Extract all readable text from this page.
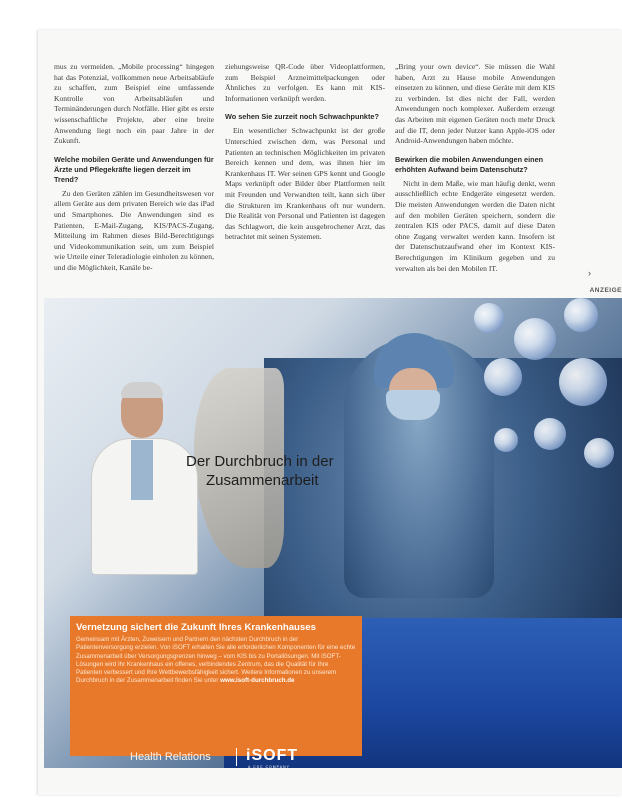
mus zu vermeiden. „Mobile processing“ hingegen hat das Potenzial, vollkommen neue Arbeitsabläufe zu schaffen, zum Beispiel eine umfassende Kontrolle von Arbeitsabläufen und Terminänderungen durch Notfälle. Hier gibt es erste wissenschaftliche Projekte, aber eine breite Anwendung liegt noch ein paar Jahre in der Zukunft.

Welche mobilen Geräte und Anwendungen für Ärzte und Pflegekräfte liegen derzeit im Trend?

Zu den Geräten zählen im Gesundheitswesen vor allem Geräte aus dem privaten Bereich wie das iPad und Smartphones. Die Anwendungen sind es Patienten, E-Mail-Zugang, KIS/PACS-Zugang, Mitteilung im Rahmen dieses Bild-Berechtigungs und Videokommunikation sein, um zum Beispiel wie Urteile einer Teleradiologie einholen zu können, und die Möglichkeit, Kanäle be-

ziehungsweise QR-Code über Videoplattformen, zum Beispiel Arzneimittelpackungen oder Ähnliches zu verfolgen. Es kann mit KIS-Informationen verknüpft werden.

Wo sehen Sie zurzeit noch Schwachpunkte?

Ein wesentlicher Schwachpunkt ist der große Unterschied zwischen dem, was Personal und Patienten an technischen Möglichkeiten im privaten Bereich kennen und dem, was ihnen hier im Krankenhaus IT. Wer seinen GPS kennt und Google Maps verknüpft oder Bilder über Plattformen teilt mit Freunden und Verwandten teilt, kann sich über die Strukturen im Krankenhaus oft nur wundern. Die Realität von Personal und Patienten ist dagegen das Schlagwort, die kein ausgebrochener Arzt, das betrachtet mit seinen Systemen.

„Bring your own device“. Sie müssen die Wahl haben, Arzt zu Hause mobile Anwendungen einsetzen zu können, und diese Geräte mit dem KIS zu verbinden. Ist dies nicht der Fall, werden Anwendungen noch komplexer. Außerdem erzeugt das Arbeiten mit eigenen Geräten noch mehr Druck auf die IT, denn jeder Nutzer kann Apple-iOS oder Android-Anwendungen haben möchte.

Bewirken die mobilen Anwendungen einen erhöhten Aufwand beim Datenschutz?

Nicht in dem Maße, wie man häufig denkt, wenn ausschließlich echte Endgeräte eingesetzt werden. Die meisten Anwendungen werden die Daten nicht auf den mobilen Geräten speichern, sondern die zentralen KIS oder PACS, damit auf diese Daten ohne Zugang verwaltet werden kann. Insofern ist der Datenschutzaufwand eher im Kontext KIS-Berechtigungen im Klinikum gegeben und zu verwalten als bei den Mobilen IT.	›
ANZEIGE
Der Durchbruch in der
Zusammenarbeit
Vernetzung sichert die Zukunft Ihres Krankenhauses

Gemeinsam mit Ärzten, Zuweisern und Partnern den nächsten Durchbruch in der Patientenversorgung erzielen. Von iSOFT erhalten Sie alle erforderlichen Komponenten für eine echte Zusammenarbeit über Versorgungsgrenzen hinweg – vom KIS bis zu Portallösungen. Mit iSOFT-Lösungen wird Ihr Krankenhaus ein offenes, verbindendes Zentrum, das die Qualität für Ihre Patienten verbessert und Ihre Wettbewerbsfähigkeit sichert. Weitere Informationen zu unserem Durchbruch in der Zusammenarbeit finden Sie unter www.isoft-durchbruch.de

Health Relations iSOFT
A CSC COMPANY
